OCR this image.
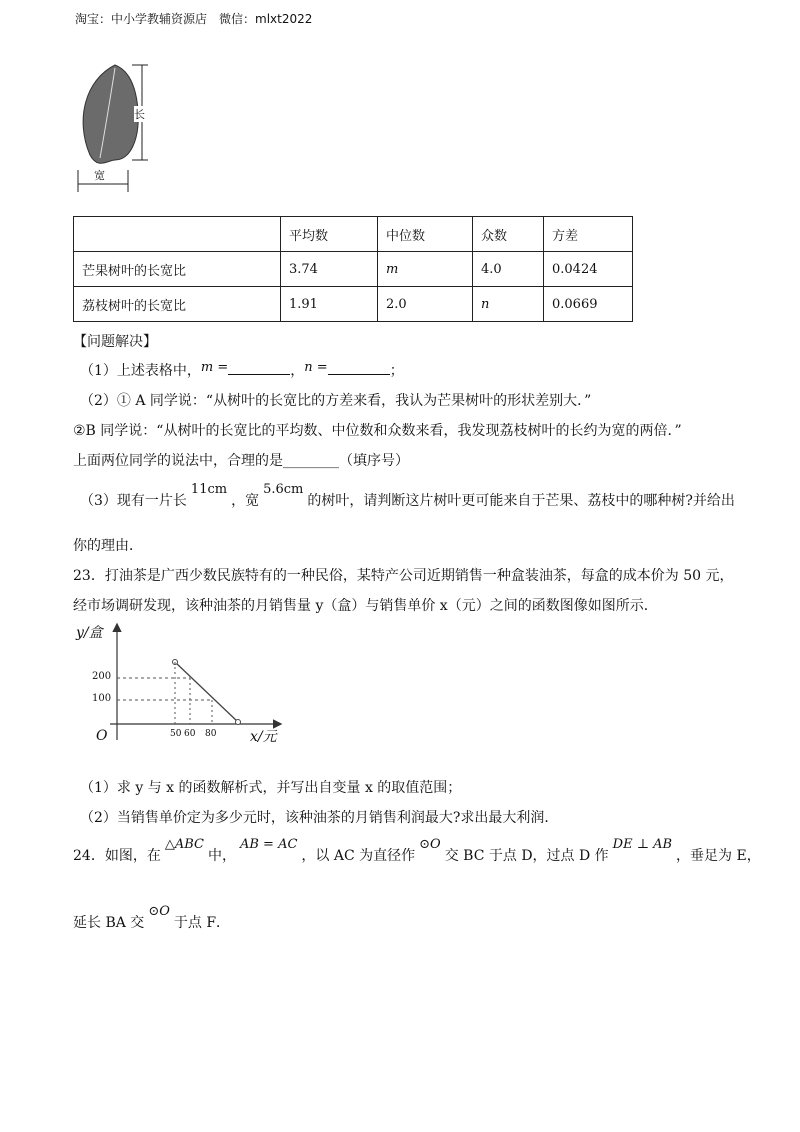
淘宝：中小学教辅资源店　微信：mlxt2022
长
宽
	平均数	中位数	众数	方差
芒果树叶的长宽比	3.74	m	4.0	0.0424
荔枝树叶的长宽比	1.91	2.0	n	0.0669
【问题解决】
（1）上述表格中，m =	，n =	；
（2）① A 同学说：“从树叶的长宽比的方差来看，我认为芒果树叶的形状差别大．”
②B 同学说：“从树叶的长宽比的平均数、中位数和众数来看，我发现荔枝树叶的长约为宽的两倍．”
上面两位同学的说法中，合理的是________（填序号）
（3）现有一片长11cm，宽5.6cm的树叶，请判断这片树叶更可能来自于芒果、荔枝中的哪种树?并给出
你的理由．
23．打油茶是广西少数民族特有的一种民俗，某特产公司近期销售一种盒装油茶，每盒的成本价为 50 元，
经市场调研发现，该种油茶的月销售量 y（盒）与销售单价 x（元）之间的函数图像如图所示．
y/盒
200
100
O	50 60 80 x/元
（1）求 y 与 x 的函数解析式，并写出自变量 x 的取值范围；
（2）当销售单价定为多少元时，该种油茶的月销售利润最大?求出最大利润．
24．如图，在△ABC中，AB = AC，以 AC 为直径作⊙O交 BC 于点 D，过点 D 作DE ⊥ AB，垂足为 E，
延长 BA 交⊙O于点 F．
